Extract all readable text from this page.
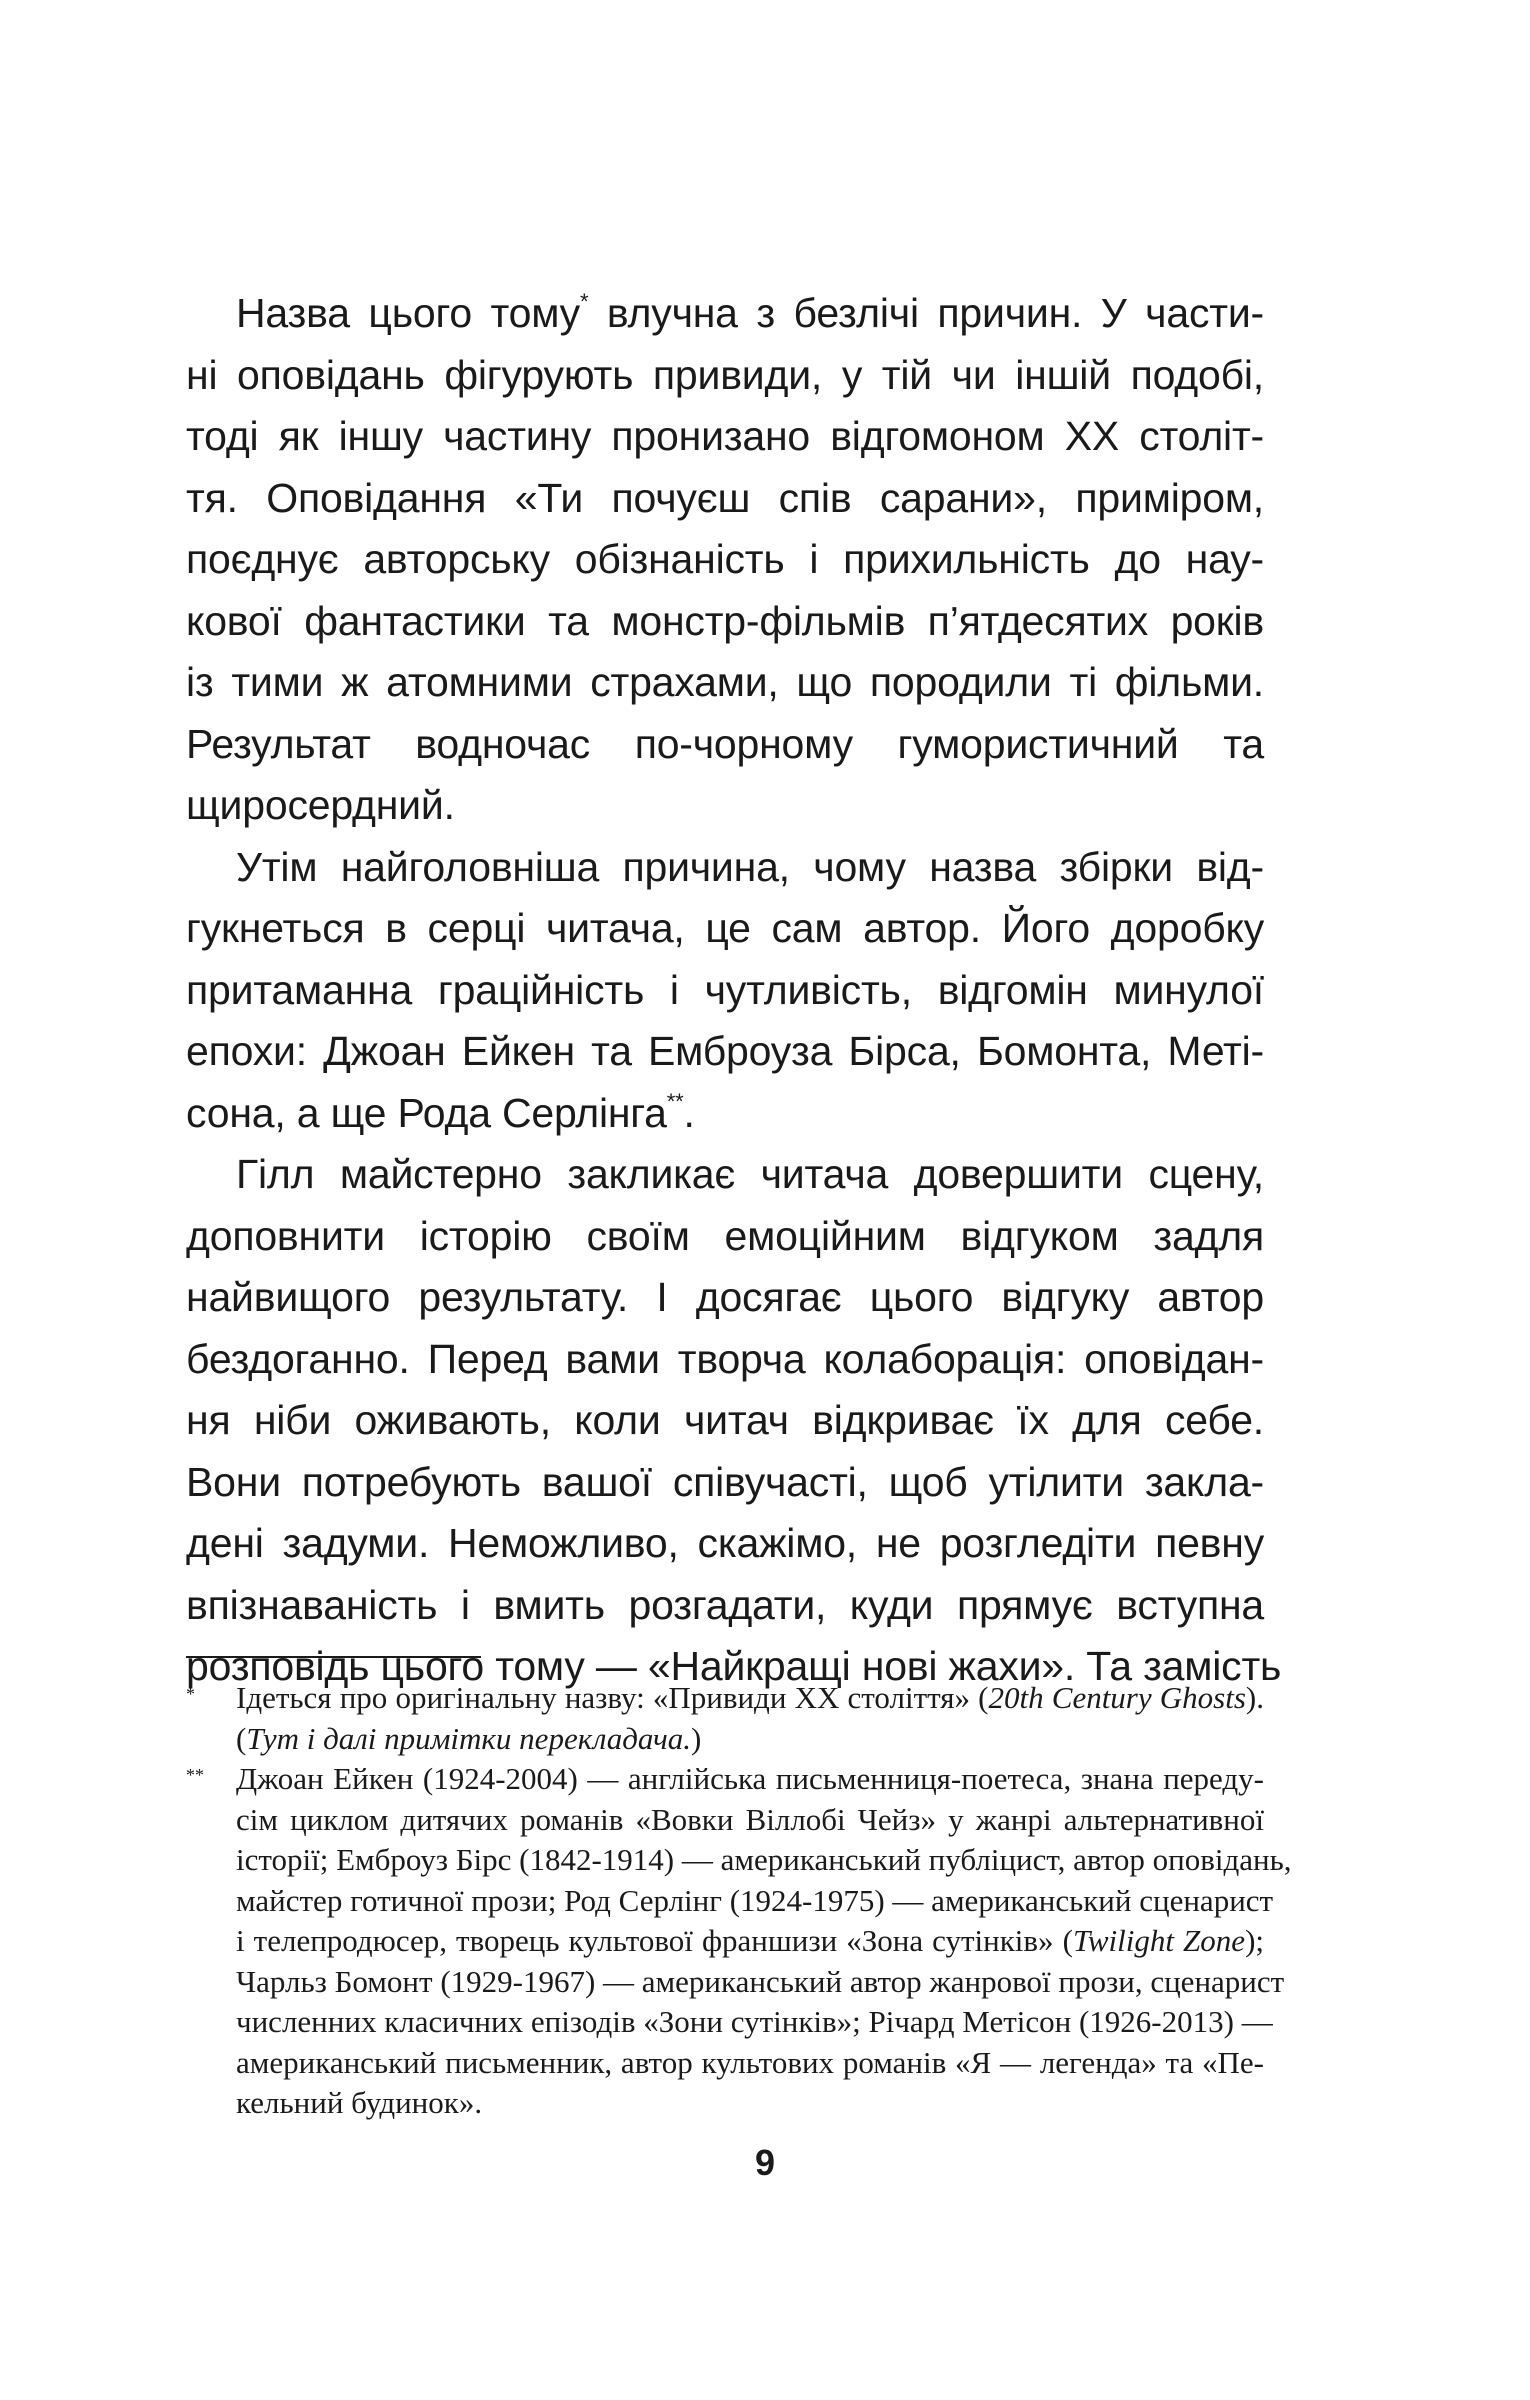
Назва цього тому* влучна з безлічі причин. У части-
ні оповідань фігурують привиди, у тій чи іншій подобі,
тоді як іншу частину пронизано відгомоном XX століт-
тя. Оповідання «Ти почуєш спів сарани», приміром,
поєднує авторську обізнаність і прихильність до нау-
кової фантастики та монстр-фільмів п’ятдесятих років
із тими ж атомними страхами, що породили ті фільми.
Результат водночас по-чорному гумористичний та
щиросердний.
Утім найголовніша причина, чому назва збірки від-
гукнеться в серці читача, це сам автор. Його доробку
притаманна грацiйність і чутливість, відгомін минулої
епохи: Джоан Ейкен та Емброуза Бірса, Бомонта, Меті-
сона, а ще Рода Серлінга**.
Гілл майстерно закликає читача довершити сцену,
доповнити історію своїм емоційним відгуком задля
найвищого результату. І досягає цього відгуку автор
бездоганно. Перед вами творча колаборація: оповідан-
ня ніби оживають, коли читач відкриває їх для себе.
Вони потребують вашої співучасті, щоб утілити закла-
дені задуми. Неможливо, скажімо, не розгледіти певну
впізнаваність і вмить розгадати, куди прямує вступна
розповідь цього тому — «Найкращі нові жахи». Та замість
* Ідеться про оригінальну назву: «Привиди XX століття» (20th Century Ghosts).
(Тут і далі примітки перекладача.)
** Джоан Ейкен (1924-2004) — англійська письменниця-поетеса, знана переду-
сім циклом дитячих романів «Вовки Віллобі Чейз» у жанрі альтернативної
історії; Емброуз Бірс (1842-1914) — американський публіцист, автор оповідань,
майстер готичної прози; Род Серлінг (1924-1975) — американський сценарист
і телепродюсер, творець культової франшизи «Зона сутінків» (Twilight Zone);
Чарльз Бомонт (1929-1967) — американський автор жанрової прози, сценарист
численних класичних епізодів «Зони сутінків»; Річард Метісон (1926-2013) —
американський письменник, автор культових романів «Я — легенда» та «Пе-
кельний будинок».
9
